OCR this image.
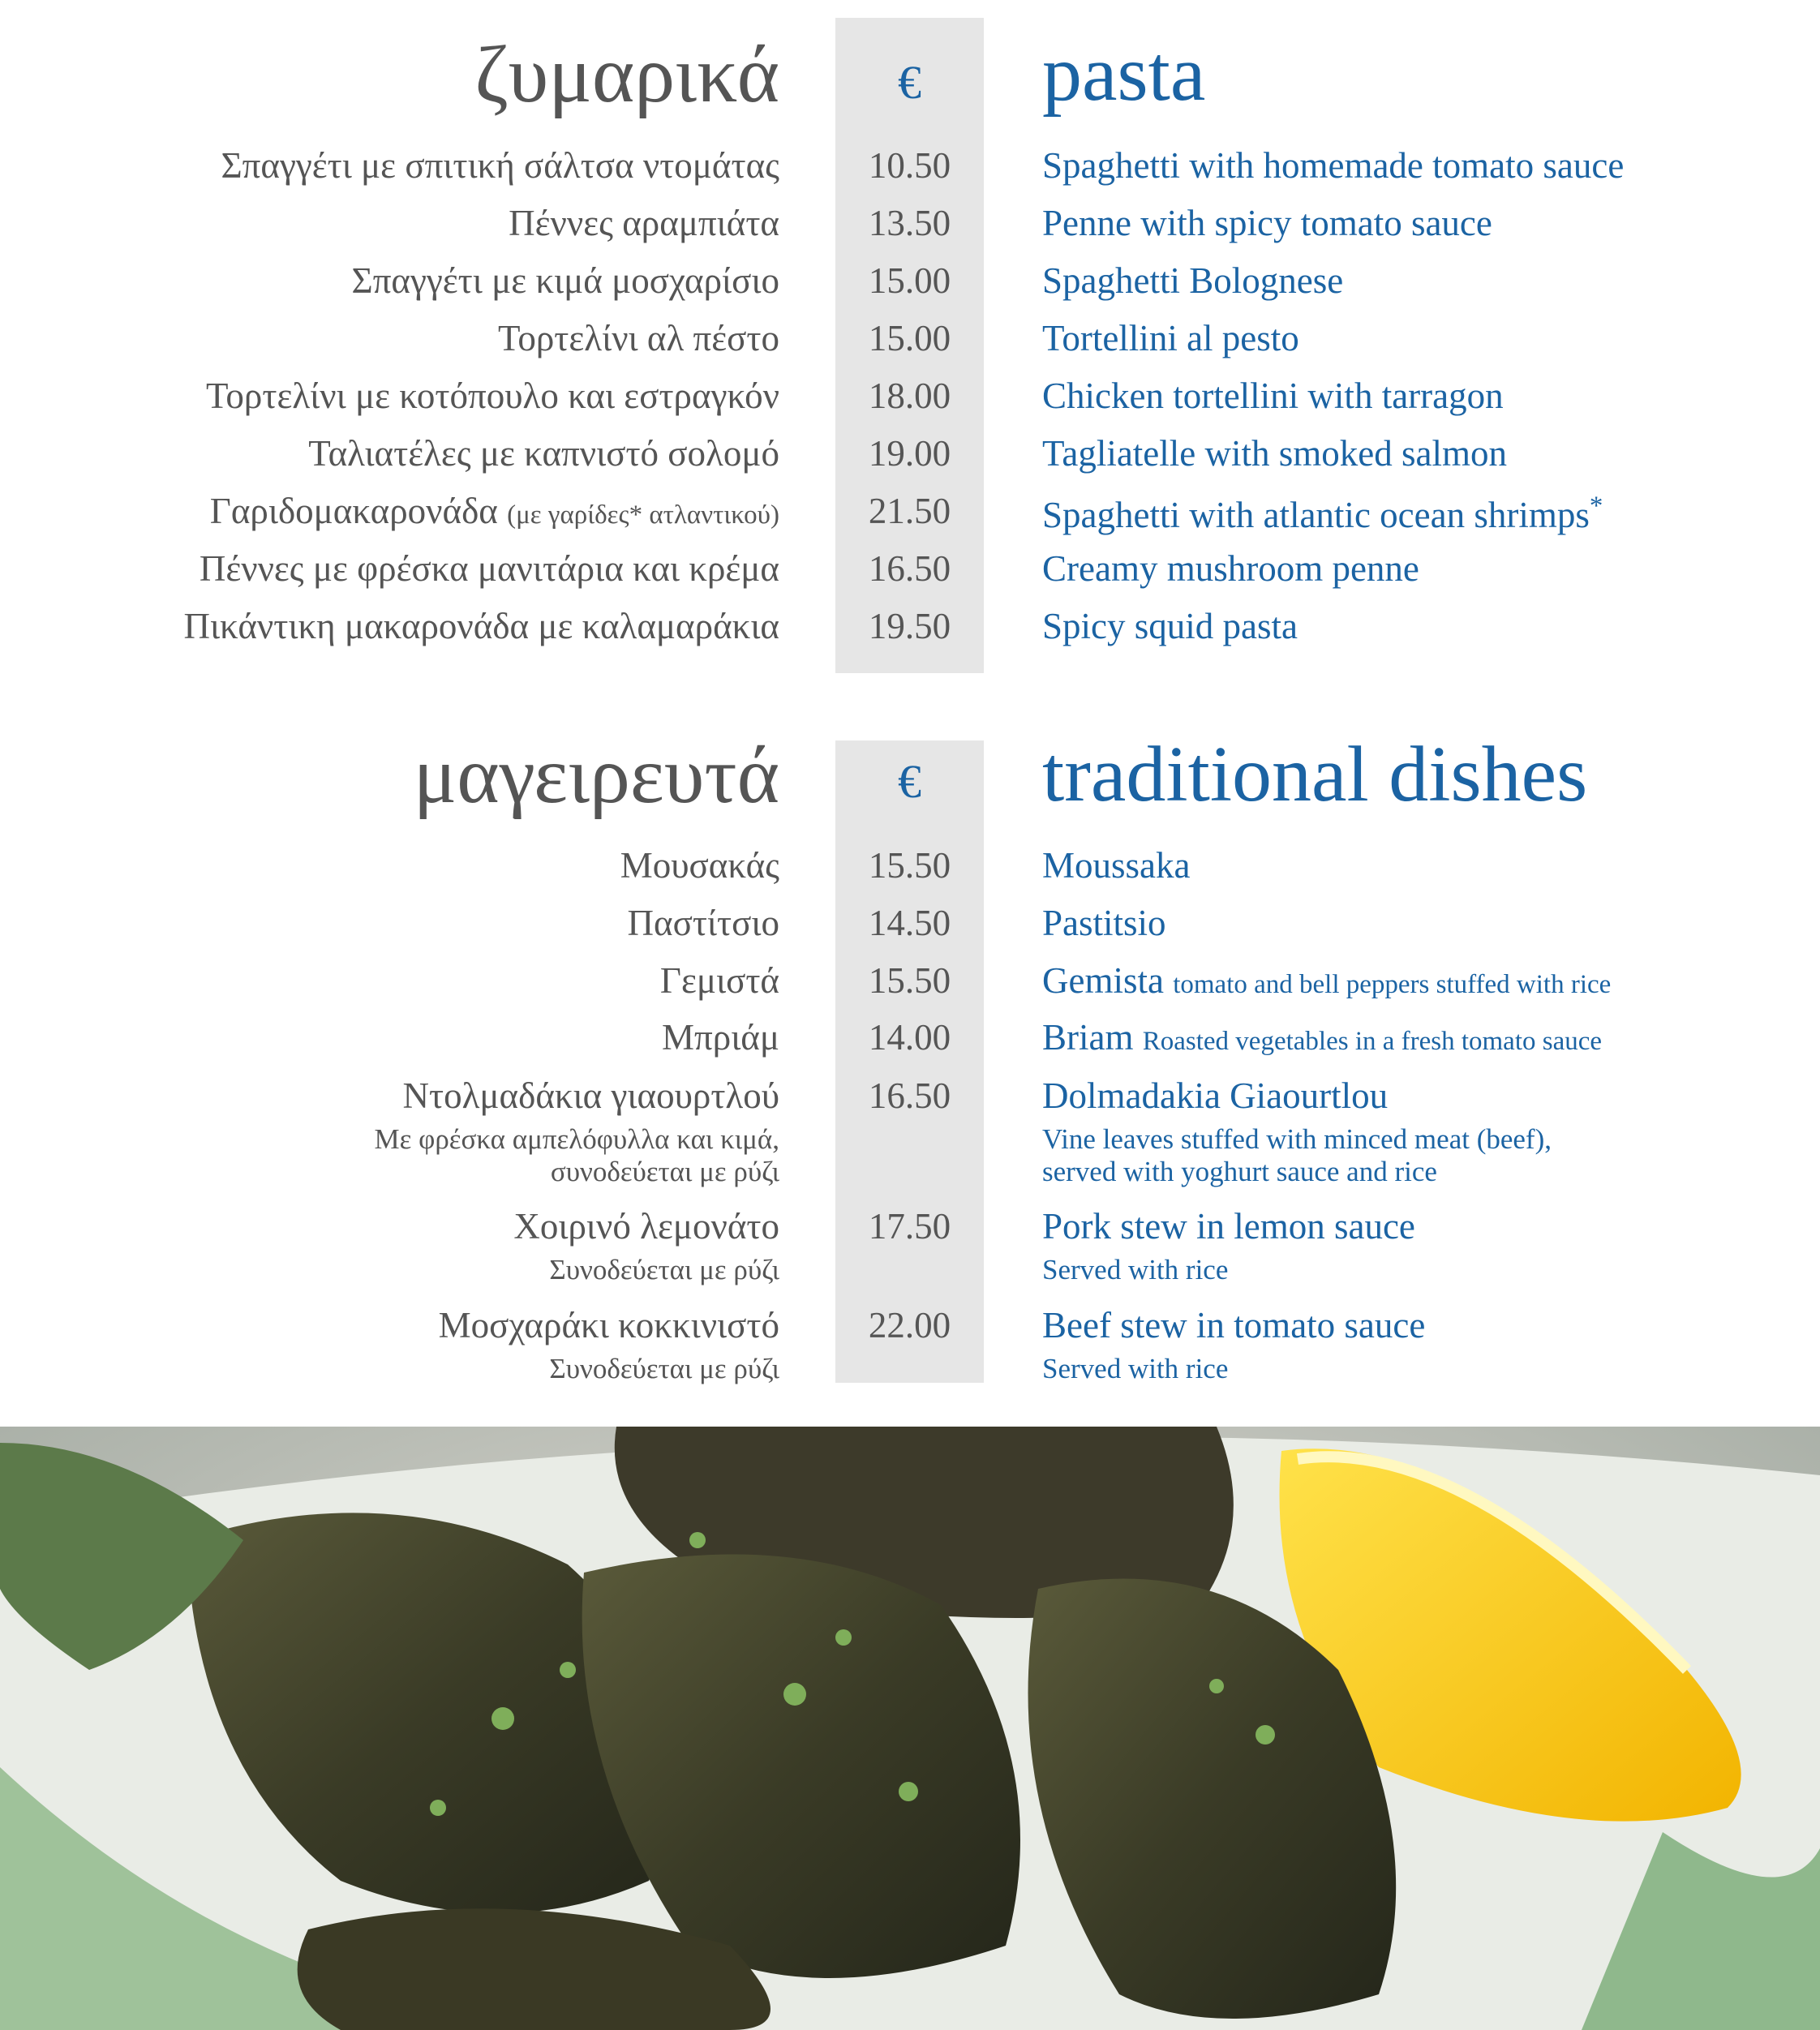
ζυμαρικά	€	pasta
Σπαγγέτι με σπιτική σάλτσα ντομάτας	10.50	Spaghetti with homemade tomato sauce
Πέννες αραμπιάτα	13.50	Penne with spicy tomato sauce
Σπαγγέτι με κιμά μοσχαρίσιο	15.00	Spaghetti Bolognese
Τορτελίνι αλ πέστο	15.00	Tortellini al pesto
Τορτελίνι με κοτόπουλο και εστραγκόν	18.00	Chicken tortellini with tarragon
Ταλιατέλες με καπνιστό σολομό	19.00	Tagliatelle with smoked salmon
Γαριδομακαρονάδα (με γαρίδες* ατλαντικού)	21.50	Spaghetti with atlantic ocean shrimps*
Πέννες με φρέσκα μανιτάρια και κρέμα	16.50	Creamy mushroom penne
Πικάντικη μακαρονάδα με καλαμαράκια	19.50	Spicy squid pasta
μαγειρευτά	€	traditional dishes
Μουσακάς	15.50	Moussaka
Παστίτσιο	14.50	Pastitsio
Γεμιστά	15.50	Gemista tomato and bell peppers stuffed with rice
Μπριάμ	14.00	Briam Roasted vegetables in a fresh tomato sauce
Ντολμαδάκια γιαουρτλού	16.50	Dolmadakia Giaourtlou
Με φρέσκα αμπελόφυλλα και κιμά,
συνοδεύεται με ρύζι
Vine leaves stuffed with minced meat (beef),
served with yoghurt sauce and rice
Χοιρινό λεμονάτο	17.50	Pork stew in lemon sauce
Συνοδεύεται με ρύζι	Served with rice
Μοσχαράκι κοκκινιστό	22.00	Beef stew in tomato sauce
Συνοδεύεται με ρύζι	Served with rice
